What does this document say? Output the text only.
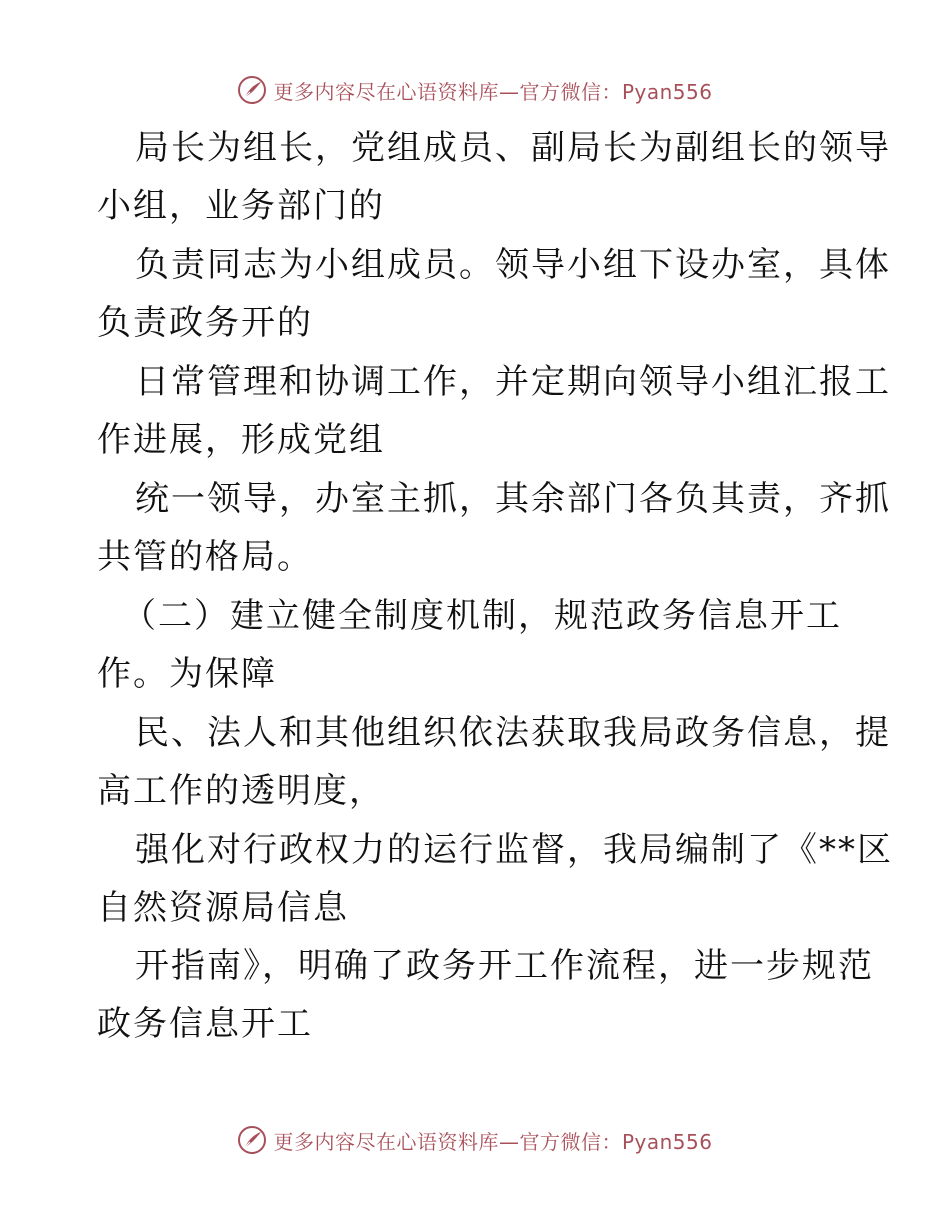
更多内容尽在心语资料库—官方微信：Pyan556
局长为组长，党组成员、副局长为副组长的领导
小组，业务部门的
负责同志为小组成员。领导小组下设办室，具体
负责政务开的
日常管理和协调工作，并定期向领导小组汇报工
作进展，形成党组
统一领导，办室主抓，其余部门各负其责，齐抓
共管的格局。
（二）建立健全制度机制，规范政务信息开工
作。为保障
民、法人和其他组织依法获取我局政务信息，提
高工作的透明度，
强化对行政权力的运行监督，我局编制了《**区
自然资源局信息
开指南》，明确了政务开工作流程，进一步规范
政务信息开工
更多内容尽在心语资料库—官方微信：Pyan556
